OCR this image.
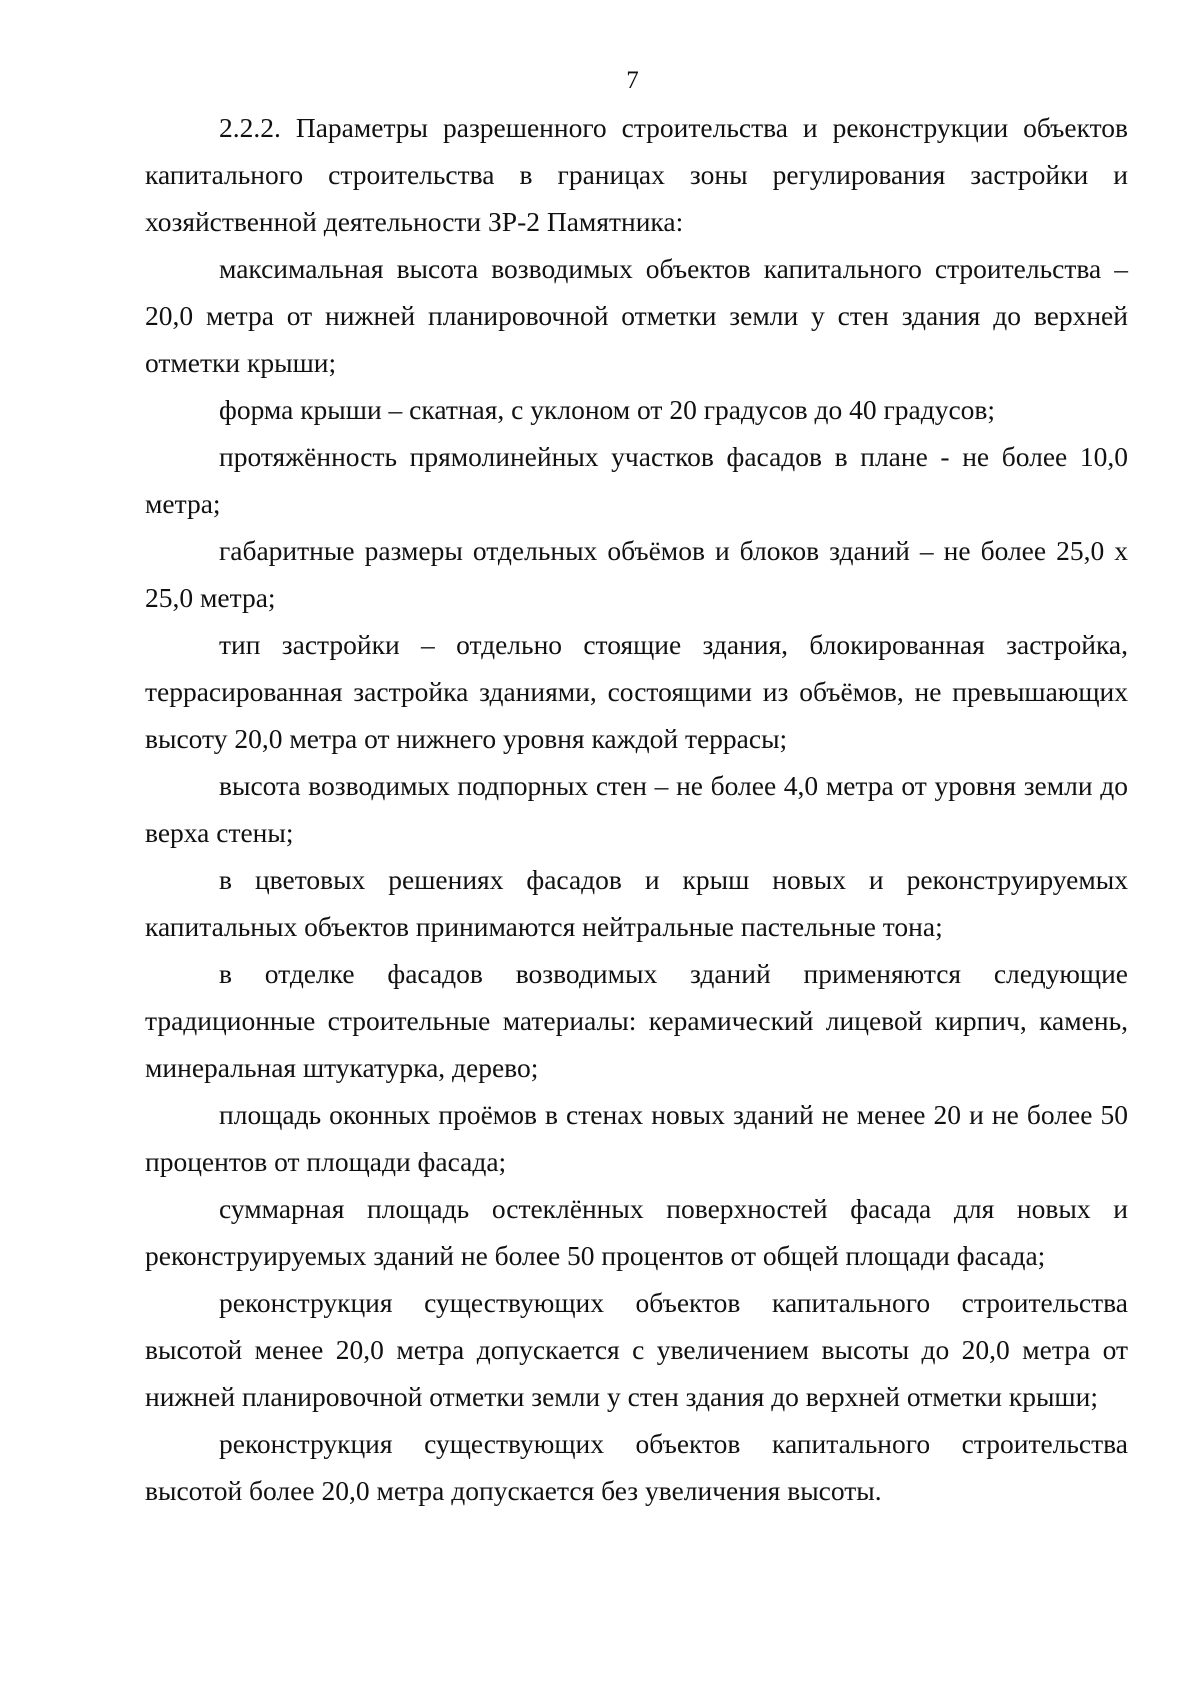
7

2.2.2. Параметры разрешенного строительства и реконструкции объектов капитального строительства в границах зоны регулирования застройки и хозяйственной деятельности ЗР-2 Памятника:

максимальная высота возводимых объектов капитального строительства – 20,0 метра от нижней планировочной отметки земли у стен здания до верхней отметки крыши;

форма крыши – скатная, с уклоном от 20 градусов до 40 градусов;

протяжённость прямолинейных участков фасадов в плане - не более 10,0 метра;

габаритные размеры отдельных объёмов и блоков зданий – не более 25,0 х 25,0 метра;

тип застройки – отдельно стоящие здания, блокированная застройка, террасированная застройка зданиями, состоящими из объёмов, не превышающих высоту 20,0 метра от нижнего уровня каждой террасы;

высота возводимых подпорных стен – не более 4,0 метра от уровня земли до верха стены;

в цветовых решениях фасадов и крыш новых и реконструируемых капитальных объектов принимаются нейтральные пастельные тона;

в отделке фасадов возводимых зданий применяются следующие традиционные строительные материалы: керамический лицевой кирпич, камень, минеральная штукатурка, дерево;

площадь оконных проёмов в стенах новых зданий не менее 20 и не более 50 процентов от площади фасада;

суммарная площадь остеклённых поверхностей фасада для новых и реконструируемых зданий не более 50 процентов от общей площади фасада;

реконструкция существующих объектов капитального строительства высотой менее 20,0 метра допускается с увеличением высоты до 20,0 метра от нижней планировочной отметки земли у стен здания до верхней отметки крыши;

реконструкция существующих объектов капитального строительства высотой более 20,0 метра допускается без увеличения высоты.
